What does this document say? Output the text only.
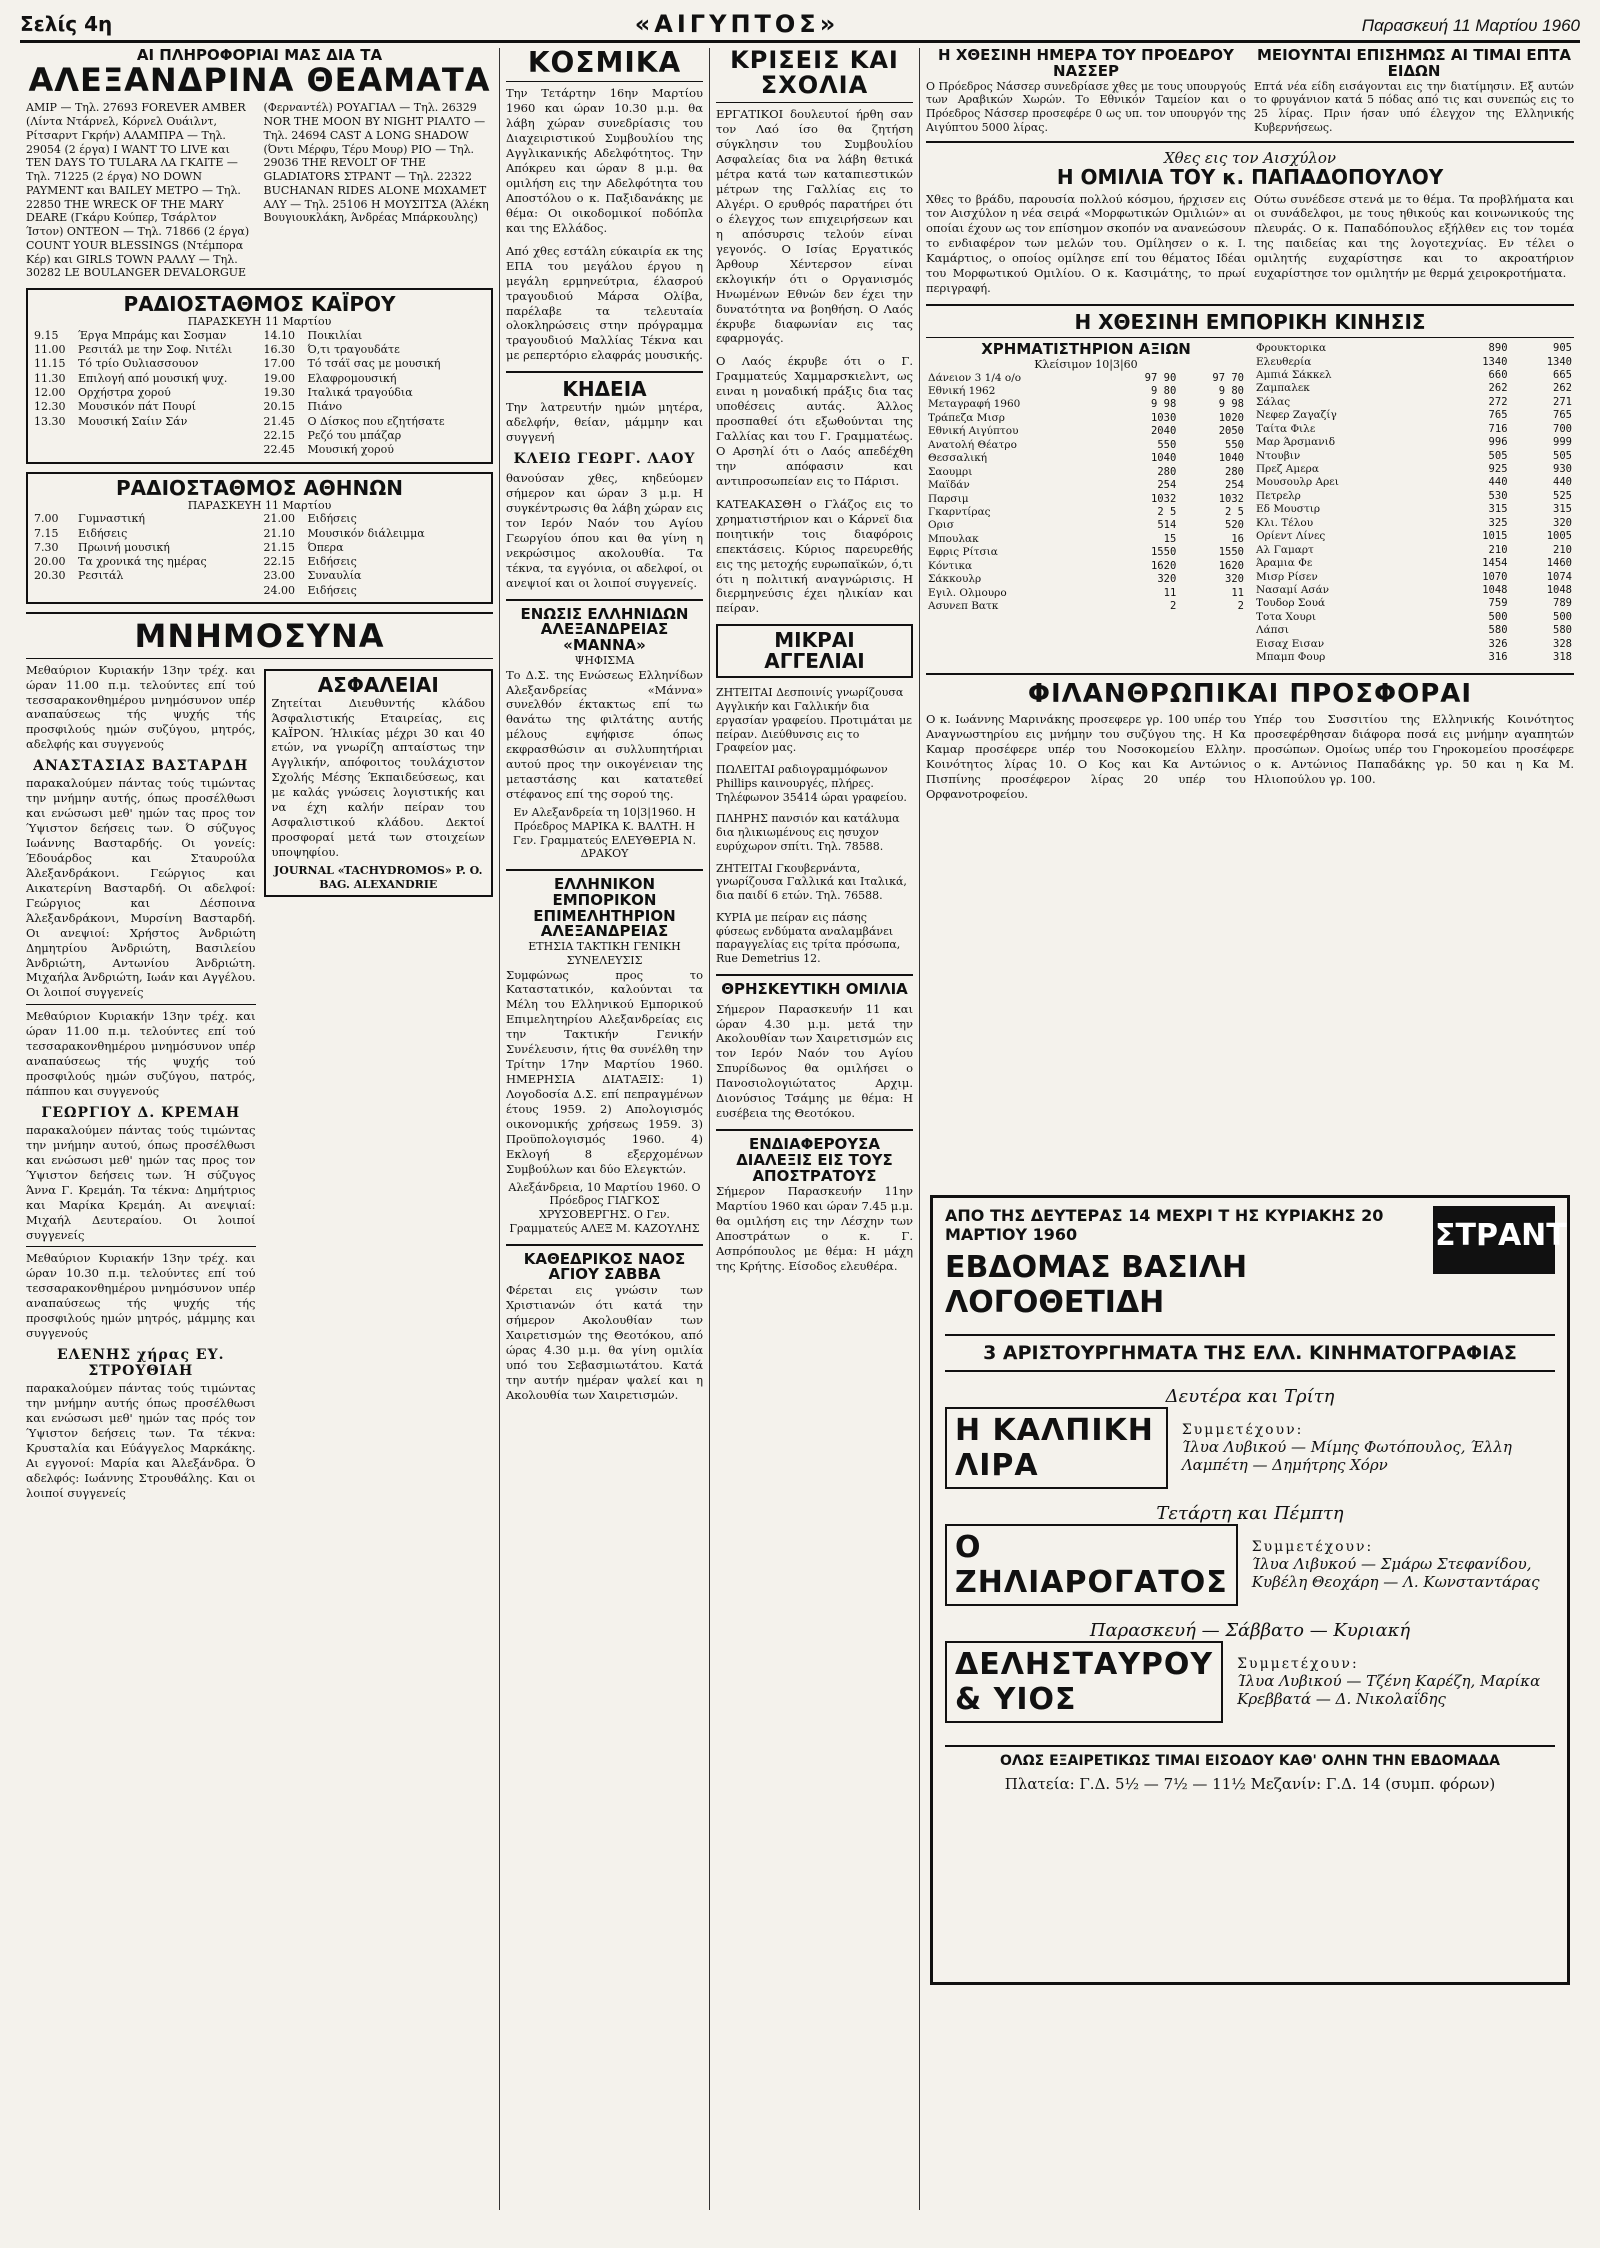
Σελίς 4η	«ΑΙΓΥΠΤΟΣ»	Παρασκευή 11 Μαρτίου 1960
ΑΙ ΠΛΗΡΟΦΟΡΙΑΙ ΜΑΣ ΔΙΑ ΤΑ
ΑΛΕΞΑΝΔΡΙΝΑ ΘΕΑΜΑΤΑ
ΑΜΙΡ — Τηλ. 27693 FOREVER AMBER (Λίντα Ντάρνελ, Κόρνελ Ουάιλντ, Ρίτσαρντ Γκρήν) ΑΛΑΜΠΡΑ — Τηλ. 29054 (2 έργα) I WANT TO LIVE και TEN DAYS TO TULARA ΛΑ ΓΚΑΙΤΕ — Τηλ. 71225 (2 έργα) NO DOWN PAYMENT και BAILEY ΜΕΤΡΟ — Τηλ. 22850 THE WRECK OF THE MARY DEARE (Γκάρυ Κούπερ, Τσάρλτον Ίστον) ΟΝΤΕΟΝ — Τηλ. 71866 (2 έργα) COUNT YOUR BLESSINGS (Ντέμπορα Κέρ) και GIRLS TOWN ΡΑΛΛΥ — Τηλ. 30282 LE BOULANGER DEVALORGUE
(Φερναντέλ) ΡΟΥΑΓΙΑΛ — Τηλ. 26329 NOR THE MOON BY NIGHT ΡΙΑΛΤΟ — Τηλ. 24694 CAST A LONG SHADOW (Όντι Μέρφυ, Τέρυ Μουρ) ΡΙΟ — Τηλ. 29036 THE REVOLT OF THE GLADIATORS ΣΤΡΑΝΤ — Τηλ. 22322 BUCHANAN RIDES ALONE ΜΩΧΑΜΕΤ ΑΛΥ — Τηλ. 25106 Η ΜΟΥΣΙΤΣΑ (Άλέκη Βουγιουκλάκη, Άνδρέας Μπάρκουλης)
ΡΑΔΙΟΣΤΑΘΜΟΣ ΚΑΪΡΟΥ
ΠΑΡΑΣΚΕΥΗ 11 Μαρτίου
9.15	Έργα Μπράμς και Σοσμαν
11.00	Ρεσιτάλ με την Σοφ. Νιτέλι
11.15	Τό τρίο Ουλιασσουον
11.30	Επιλογή από μουσική ψυχ.
12.00	Ορχήστρα χορού
12.30	Μουσικόν πάτ Πουρί
13.30	Μουσική Σαίιν Σάν
14.10	Ποικιλίαι
16.30	Ό,τι τραγουδάτε
17.00	Τό τσάϊ σας με μουσική
19.00	Ελαφρομουσική
19.30	Ιταλικά τραγούδια
20.15	Πιάνο
21.45	Ο Δίσκος που εζητήσατε
22.15	Ρεζό του μπάζαρ
22.45	Μουσική χορού
ΡΑΔΙΟΣΤΑΘΜΟΣ ΑΘΗΝΩΝ
ΠΑΡΑΣΚΕΥΗ 11 Μαρτίου
7.00	Γυμναστική
7.15	Ειδήσεις
7.30	Πρωινή μουσική
20.00	Τα χρονικά της ημέρας
20.30	Ρεσιτάλ
21.00	Ειδήσεις
21.10	Μουσικόν διάλειμμα
21.15	Όπερα
22.15	Ειδήσεις
23.00	Συναυλία
24.00	Ειδήσεις
ΜΝΗΜΟΣΥΝΑ
Μεθαύριον Κυριακήν 13ην τρέχ. και ώραν 11.00 π.μ. τελούντες επί τού τεσσαρακονθημέρου μνημόσυνον υπέρ αναπαύσεως τής ψυχής τής προσφιλούς ημών συζύγου, μητρός, αδελφής και συγγενούς
ΑΝΑΣΤΑΣΙΑΣ ΒΑΣΤΑΡΔΗ
παρακαλούμεν πάντας τούς τιμώντας την μνήμην αυτής, όπως προσέλθωσι και ενώσωσι μεθ' ημών τας προς τον Ύψιστον δεήσεις των. Ό σύζυγος Ιωάννης Βασταρδής. Οι γονείς: Έδουάρδος και Σταυρούλα Άλεξανδράκονι. Γεώργιος και Αικατερίνη Βασταρδή. Οι αδελφοί: Γεώργιος και Δέσποινα Άλεξανδράκονι, Μυρσίνη Βασταρδή. Οι ανεψιοί: Χρήστος Άνδριώτη Δημητρίου Άνδριώτη, Βασιλείου Άνδριώτη, Αντωνίου Άνδριώτη. Μιχαήλα Άνδριώτη, Ιωάν και Αγγέλου. Οι λοιποί συγγενείς
Μεθαύριον Κυριακήν 13ην τρέχ. και ώραν 11.00 π.μ. τελούντες επί τού τεσσαρακονθημέρου μνημόσυνον υπέρ αναπαύσεως τής ψυχής τού προσφιλούς ημών συζύγου, πατρός, πάππου και συγγενούς
ΓΕΩΡΓΙΟΥ Δ. ΚΡΕΜΑΗ
παρακαλούμεν πάντας τούς τιμώντας την μνήμην αυτού, όπως προσέλθωσι και ενώσωσι μεθ' ημών τας προς τον Ύψιστον δεήσεις των. Ή σύζυγος Άννα Γ. Κρεμάη. Τα τέκνα: Δημήτριος και Μαρίκα Κρεμάη. Αι ανεψιαί: Μιχαήλ Δευτεραίου. Οι λοιποί συγγενείς
Μεθαύριον Κυριακήν 13ην τρέχ. και ώραν 10.30 π.μ. τελούντες επί τού τεσσαρακονθημέρου μνημόσυνον υπέρ αναπαύσεως τής ψυχής τής προσφιλούς ημών μητρός, μάμμης και συγγενούς
ΕΛΕΝΗΣ χήρας ΕΥ. ΣΤΡΟΥΘΙΑΗ
παρακαλούμεν πάντας τούς τιμώντας την μνήμην αυτής όπως προσέλθωσι και ενώσωσι μεθ' ημών τας πρός τον Ύψιστον δεήσεις των. Τα τέκνα: Κρυσταλία και Εύάγγελος Μαρκάκης. Αι εγγονοί: Μαρία και Άλεξάνδρα. Ό αδελφός: Ιωάννης Στρουθάλης. Και οι λοιποί συγγενείς
ΑΣΦΑΛΕΙΑΙ
Ζητείται Διευθυντής κλάδου Άσφαλιστικής Εταιρείας, εις ΚΑΪΡΟΝ. Ήλικίας μέχρι 30 και 40 ετών, να γνωρίζη απταίστως την Αγγλικήν, απόφοιτος τουλάχιστον Σχολής Μέσης Έκπαιδεύσεως, και με καλάς γνώσεις λογιστικής και να έχη καλήν πείραν του Ασφαλιστικού κλάδου. Δεκτοί προσφοραί μετά των στοιχείων υποψηφίου.
JOURNAL «TACHYDROMOS» P. O. BAG. ALEXANDRIE
ΚΟΣΜΙΚΑ
Την Τετάρτην 16ην Μαρτίου 1960 και ώραν 10.30 μ.μ. θα λάβη χώραν συνεδρίασις του Διαχειριστικού Συμβουλίου της Αγγλικανικής Αδελφότητος. Την Απόκρευ και ώραν 8 μ.μ. θα ομιλήση εις την Αδελφότητα του Αποστόλου ο κ. Παξιδανάκης με θέμα: Οι οικοδομικοί ποδόπλα και της Ελλάδος.
Από χθες εστάλη εύκαιρία εκ της ΕΠΑ του μεγάλου έργου η μεγάλη ερμηνεύτρια, έλασρού τραγουδιού Μάρσα Ολίβα, παρέλαβε τα τελευταία ολοκληρώσεις στην πρόγραμμα τραγουδιού Μαλλίας Τέκνα και με ρεπερτόριο ελαφράς μουσικής.
ΚΗΔΕΙΑ
Την λατρευτήν ημών μητέρα, αδελφήν, θείαν, μάμμην και συγγενή
ΚΛΕΙΩ ΓΕΩΡΓ. ΛΑΟΥ
θανούσαν χθες, κηδεύομεν σήμερον και ώραν 3 μ.μ. Η συγκέντρωσις θα λάβη χώραν εις τον Ιερόν Ναόν του Αγίου Γεωργίου όπου και θα γίνη η νεκρώσιμος ακολουθία. Τα τέκνα, τα εγγόνια, οι αδελφοί, οι ανεψιοί και οι λοιποί συγγενείς.
ΕΝΩΣΙΣ ΕΛΛΗΝΙΔΩΝ ΑΛΕΞΑΝΔΡΕΙΑΣ «ΜΑΝΝΑ»
ΨΗΦΙΣΜΑ
Το Δ.Σ. της Ενώσεως Ελληνίδων Αλεξανδρείας «Μάννα» συνελθόν έκτακτως επί τω θανάτω της φιλτάτης αυτής μέλους εψήφισε όπως εκφρασθώσιν αι συλλυπητήριαι αυτού προς την οικογένειαν της μεταστάσης και κατατεθεί στέφανος επί της σορού της.
Εν Αλεξανδρεία τη 10|3|1960. Η Πρόεδρος ΜΑΡΙΚΑ Κ. ΒΑΛΤΗ. Η Γεν. Γραμματεύς ΕΛΕΥΘΕΡΙΑ Ν. ΔΡΑΚΟΥ
ΕΛΛΗΝΙΚΟΝ ΕΜΠΟΡΙΚΟΝ ΕΠΙΜΕΛΗΤΗΡΙΟΝ ΑΛΕΞΑΝΔΡΕΙΑΣ
ΕΤΗΣΙΑ ΤΑΚΤΙΚΗ ΓΕΝΙΚΗ ΣΥΝΕΛΕΥΣΙΣ
Συμφώνως προς το Καταστατικόν, καλούνται τα Μέλη του Ελληνικού Εμπορικού Επιμελητηρίου Αλεξανδρείας εις την Τακτικήν Γενικήν Συνέλευσιν, ήτις θα συνέλθη την Τρίτην 17ην Μαρτίου 1960. ΗΜΕΡΗΣΙΑ ΔΙΑΤΑΞΙΣ: 1) Λογοδοσία Δ.Σ. επί πεπραγμένων έτους 1959. 2) Απολογισμός οικονομικής χρήσεως 1959. 3) Προϋπολογισμός 1960. 4) Εκλογή 8 εξερχομένων Συμβούλων και δύο Ελεγκτών.
Αλεξάνδρεια, 10 Μαρτίου 1960. Ο Πρόεδρος ΓΙΑΓΚΟΣ ΧΡΥΣΟΒΕΡΓΗΣ. Ο Γεν. Γραμματεύς ΑΛΕΞ Μ. ΚΑΖΟΥΛΗΣ
ΚΑΘΕΔΡΙΚΟΣ ΝΑΟΣ ΑΓΙΟΥ ΣΑΒΒΑ
Φέρεται εις γνώσιν των Χριστιανών ότι κατά την σήμερον Ακολουθίαν των Χαιρετισμών της Θεοτόκου, από ώρας 4.30 μ.μ. θα γίνη ομιλία υπό του Σεβασμιωτάτου. Κατά την αυτήν ημέραν ψαλεί και η Ακολουθία των Χαιρετισμών.
ΚΡΙΣΕΙΣ ΚΑΙ ΣΧΟΛΙΑ
ΕΡΓΑΤΙΚΟΙ δουλευτοί ήρθη σαν τον Λαό ίσο θα ζητήση σύγκλησιν του Συμβουλίου Ασφαλείας δια να λάβη θετικά μέτρα κατά των καταπιεστικών μέτρων της Γαλλίας εις το Αλγέρι. Ο ερυθρός παρατήρει ότι ο έλεγχος των επιχειρήσεων και η απόσυρσις τελούν είναι γεγονός. Ο Ισίας Εργατικός Άρθουρ Χέντερσον είναι εκλογικήν ότι ο Οργανισμός Ηνωμένων Εθνών δεν έχει την δυνατότητα να βοηθήση. Ο Λαός έκρυβε διαφωνίαν εις τας εφαρμογάς.
Ο Λαός έκρυβε ότι ο Γ. Γραμματεύς Χαμμαρσκιελντ, ως ειναι η μοναδική πράξις δια τας υποθέσεις αυτάς. Άλλος προσπαθεί ότι εξωθούνται της Γαλλίας και του Γ. Γραμματέως. Ο Αρσηλί ότι ο Λαός απεδέχθη την απόφασιν και αντιπροσωπείαν εις το Πάρισι.
ΚΑΤΕΑΚΑΣΘΗ ο Γλάζος εις το χρηματιστήριον και ο Κάρνεϊ δια ποιητικήν τοις διαφόροις επεκτάσεις. Κύριος παρευρεθής εις της μετοχής ευρωπαϊκών, ό,τι ότι η πολιτική αναγνώρισις. Η διερμηνεύσις έχει ηλικίαν και πείραν.
ΜΙΚΡΑΙ ΑΓΓΕΛΙΑΙ
ΖΗΤΕΙΤΑΙ Δεσποινίς γνωρίζουσα Αγγλικήν και Γαλλικήν δια εργασίαν γραφείου. Προτιμάται με πείραν. Διεύθυνσις εις το Γραφείον μας.
ΠΩΛΕΙΤΑΙ ραδιογραμμόφωνον Phillips καινουργές, πλήρες. Τηλέφωνον 35414 ώραι γραφείου.
ΠΛΗΡΗΣ πανσιόν και κατάλυμα δια ηλικιωμένους εις ησυχον ευρύχωρον σπίτι. Τηλ. 78588.
ΖΗΤΕΙΤΑΙ Γκουβερνάντα, γνωρίζουσα Γαλλικά και Ιταλικά, δια παιδί 6 ετών. Τηλ. 76588.
ΚΥΡΙΑ με πείραν εις πάσης φύσεως ενδύματα αναλαμβάνει παραγγελίας εις τρίτα πρόσωπα, Rue Demetrius 12.
ΘΡΗΣΚΕΥΤΙΚΗ ΟΜΙΛΙΑ
Σήμερον Παρασκευήν 11 και ώραν 4.30 μ.μ. μετά την Ακολουθίαν των Χαιρετισμών εις τον Ιερόν Ναόν του Αγίου Σπυρίδωνος θα ομιλήσει ο Πανοσιολογιώτατος Αρχιμ. Διονύσιος Τσάμης με θέμα: Η ευσέβεια της Θεοτόκου.
ΕΝΔΙΑΦΕΡΟΥΣΑ ΔΙΑΛΕΞΙΣ ΕΙΣ ΤΟΥΣ ΑΠΟΣΤΡΑΤΟΥΣ
Σήμερον Παρασκευήν 11ην Μαρτίου 1960 και ώραν 7.45 μ.μ. θα ομιλήση εις την Λέσχην των Αποστράτων ο κ. Γ. Ασπρόπουλος με θέμα: Η μάχη της Κρήτης. Είσοδος ελευθέρα.
Η ΧΘΕΣΙΝΗ ΗΜΕΡΑ ΤΟΥ ΠΡΟΕΔΡΟΥ ΝΑΣΣΕΡ
Ο Πρόεδρος Νάσσερ συνεδρίασε χθες με τους υπουργούς των Αραβικών Χωρών. Το Εθνικόν Ταμείον και ο Πρόεδρος Νάσσερ προσεφέρε 0 ως υπ. τον υπουργόν της Αιγύπτου 5000 λίρας.
ΜΕΙΟΥΝΤΑΙ ΕΠΙΣΗΜΩΣ ΑΙ ΤΙΜΑΙ ΕΠΤΑ ΕΙΔΩΝ
Επτά νέα είδη εισάγονται εις την διατίμησιν. Εξ αυτών το φρυγάνιον κατά 5 πόδας από τις και συνεπώς εις το 25 λίρας. Πριν ήσαν υπό έλεγχον της Ελληνικής Κυβερνήσεως.
Χθες εις τον Αισχύλον
Η ΟΜΙΛΙΑ ΤΟΥ κ. ΠΑΠΑΔΟΠΟΥΛΟΥ
Χθες το βράδυ, παρουσία πολλού κόσμου, ήρχισεν εις τον Αισχύλον η νέα σειρά «Μορφωτικών Ομιλιών» αι οποίαι έχουν ως τον επίσημον σκοπόν να ανανεώσουν το ενδιαφέρον των μελών του. Ομίλησεν ο κ. Ι. Καμάρτιος, ο οποίος ομίλησε επί του θέματος Ιδέαι του Μορφωτικού Ομιλίου. Ο κ. Κασιμάτης, το πρωί περιγραφή.
Ούτω συνέδεσε στενά με το θέμα. Τα προβλήματα και οι συνάδελφοι, με τους ηθικούς και κοινωνικούς της πλευράς. Ο κ. Παπαδόπουλος εξήλθεν εις τον τομέα της παιδείας και της λογοτεχνίας. Εν τέλει ο ομιλητής ευχαρίστησε και το ακροατήριον ευχαρίστησε τον ομιλητήν με θερμά χειροκροτήματα.
Η ΧΘΕΣΙΝΗ ΕΜΠΟΡΙΚΗ ΚΙΝΗΣΙΣ
ΧΡΗΜΑΤΙΣΤΗΡΙΟΝ ΑΞΙΩΝ
Κλείσιμον 10|3|60
Δάνειον 3 1/4 ο/ο	97 90	97 70
Εθνική 1962	9 80	9 80
Μεταγραφή 1960	9 98	9 98
Τράπεζα Μισρ	1030	1020
Εθνική Αιγύπτου	2040	2050
Ανατολή Θέατρο	550	550
Θεσσαλική	1040	1040
Σαουμρι	280	280
Μαϊδάν	254	254
Παρσιμ	1032	1032
Γκαρντίρας	2 5	2 5
Ορισ	514	520
Μπουλακ	15	16
Εφρις Ρίτσια	1550	1550
Κόντικα	1620	1620
Σάκκουλρ	320	320
Εγιλ. Ολμουρο	11	11
Ασυνεπ Βατκ	2	2
Φρουκτορικα	890	905
Ελευθερία	1340	1340
Αμπιά Σάκκελ	660	665
Ζαμπαλεκ	262	262
Σάλας	272	271
Νεφερ Ζαγαζίγ	765	765
Ταίτα Φιλε	716	700
Μαρ Άρσμανιδ	996	999
Ντουβιν	505	505
Πρεζ Αμερα	925	930
Μουσουλρ Αρει	440	440
Πετρελρ	530	525
Εδ Μουστιρ	315	315
Κλι. Τέλου	325	320
Ορίεντ Λίνες	1015	1005
Αλ Γαμαρτ	210	210
Άραμια Φε	1454	1460
Μισρ Ρίσεν	1070	1074
Νασαμί Ασάν	1048	1048
Τουδορ Σουά	759	789
Τοτα Χουρι	500	500
Λάπσι	580	580
Εισαχ Εισαν	326	328
Μπαμπ Φουρ	316	318
ΦΙΛΑΝΘΡΩΠΙΚΑΙ ΠΡΟΣΦΟΡΑΙ
Ο κ. Ιωάννης Μαρινάκης προσεφερε γρ. 100 υπέρ του Αναγνωστηρίου εις μνήμην του συζύγου της. Η Κα Καμαρ προσέφερε υπέρ του Νοσοκομείου Ελλην. Κοινότητος λίρας 10. Ο Κος και Κα Αντώνιος Πισπίνης προσέφερον λίρας 20 υπέρ του Ορφανοτροφείου.
Υπέρ του Συσσιτίου της Ελληνικής Κοινότητος προσεφέρθησαν διάφορα ποσά εις μνήμην αγαπητών προσώπων. Ομοίως υπέρ του Γηροκομείου προσέφερε ο κ. Αντώνιος Παπαδάκης γρ. 50 και η Κα Μ. Ηλιοπούλου γρ. 100.
ΣΤΡΑΝΤ
ΑΠΟ ΤΗΣ ΔΕΥΤΕΡΑΣ 14 ΜΕΧΡΙ Τ ΗΣ ΚΥΡΙΑΚΗΣ 20 ΜΑΡΤΙΟΥ 1960
ΕΒΔΟΜΑΣ ΒΑΣΙΛΗ ΛΟΓΟΘΕΤΙΔΗ
3 ΑΡΙΣΤΟΥΡΓΗΜΑΤΑ ΤΗΣ ΕΛΛ. ΚΙΝΗΜΑΤΟΓΡΑΦΙΑΣ
Δευτέρα και Τρίτη
Η ΚΑΛΠΙΚΗ ΛΙΡΑ
Συμμετέχουν:
Ίλυα Λυβικού — Μίμης Φωτόπουλος, Έλλη Λαμπέτη — Δημήτρης Χόρν
Τετάρτη και Πέμπτη
Ο ΖΗΛΙΑΡΟΓΑΤΟΣ
Συμμετέχουν:
Ίλυα Λιβυκού — Σμάρω Στεφανίδου, Κυβέλη Θεοχάρη — Λ. Κωνσταντάρας
Παρασκευή — Σάββατο — Κυριακή
ΔΕΛΗΣΤΑΥΡΟΥ & ΥΙΟΣ
Συμμετέχουν:
Ίλυα Λυβικού — Τζένη Καρέζη, Μαρίκα Κρεββατά — Δ. Νικολαΐδης
ΟΛΩΣ ΕΞΑΙΡΕΤΙΚΩΣ ΤΙΜΑΙ ΕΙΣΟΔΟΥ ΚΑΘ' ΟΛΗΝ ΤΗΝ ΕΒΔΟΜΑΔΑ
Πλατεία: Γ.Δ. 5½ — 7½ — 11½ Μεζανίν: Γ.Δ. 14 (συμπ. φόρων)
